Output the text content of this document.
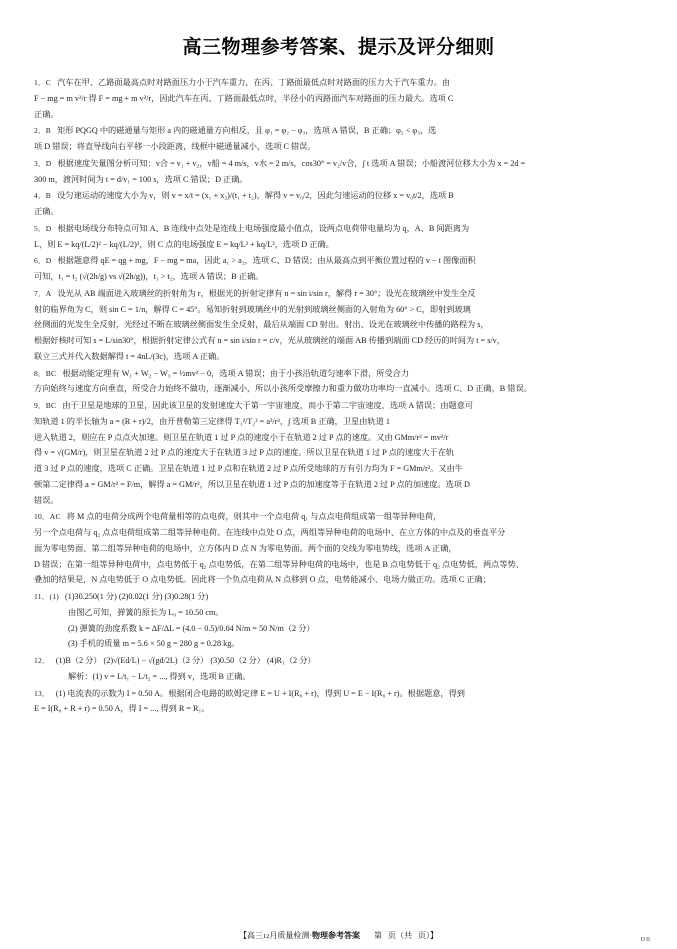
高三物理参考答案、提示及评分细则
1．C 汽车在甲、乙路面最高点时对路面压力小于汽车重力，在丙、丁路面最低点时对路面的压力大于汽车重力。由
F − mg = m v²/r 得 F = mg + m v²/r，因此汽车在丙、丁路面最低点时，半径小的丙路面汽车对路面的压力最大。选项 C
正确。
2．B 矩形 PQGQ 中的磁通量与矩形 a 内的磁通量方向相反，且 φ₁ = φ₂ − φ₃，选项 A 错误，B 正确；φ₂ < φ₃，选
项 D 错误；将直导线向右平移一小段距离，线框中磁通量减小，选项 C 错误。
3．D 根据速度矢量图分析可知：v合 = v₁ + v₂，v船 = 4 m/s，v水 = 2 m/s，cos30° = v₂/v合，∫ t 选项 A 错误；小船渡河位移大小为 x = 2d =
300 m，渡河时间为 t = d/v₁ = 100 s，选项 C 错误；D 正确。
4．B 设匀速运动的速度大小为 v，则 v = x/t = (x₁ + x₂)/(t₁ + t₂)，解得 v = v₀/2，因此匀速运动的位移 x = v₀t/2，选项 B
正确。
5．D 根据电场线分布特点可知 A、B 连线中点处是连线上电场强度最小值点，设两点电荷带电量均为 q，A、B 间距离为
L，则 E = kq/(L/2)² − kq/(L/2)²，则 C 点的电场强度 E = kq/L² + kq/L²，选项 D 正确。
6．D 根据题意得 qE = qg + mg，F − mg = ma，因此 a₁ > a₂，选项 C、D 错误；由从最高点到平衡位置过程的 v − t 图像面积
可知，t₁ = t₂ (√(2h/g) vs √(2h/g))，t₁ > t₂，选项 A 错误；B 正确。
7．A 设光从 AB 端面进入玻璃丝的折射角为 r，根据光的折射定律有 n = sin i/sin r，解得 r = 30°；设光在玻璃丝中发生全反
射的临界角为 C，则 sin C = 1/n，解得 C = 45°。易知折射到玻璃丝中的光射到玻璃丝侧面的入射角为 60° > C，即射到玻璃
丝侧面的光发生全反射，光经过不断在玻璃丝侧面发生全反射，最后从端面 CD 射出。射出、设光在玻璃丝中传播的路程为 s，
根据好核时可知 s = L/sin30°，根据折射定律公式有 n = sin i/sin r = c/v，光从玻璃丝的端面 AB 传播到端面 CD 经历的时间为 t = s/v，
联立三式并代入数据解得 t = 4nL/(3c)，选项 A 正确。
8．BC 根据动能定理有 W₁ + W₂ − W₃ = ½mv² − 0，选项 A 错误；由于小孩沿轨道匀速率下滑，所受合力
方向始终与速度方向垂直，所受合力始终不做功，逐渐减小，所以小孩所受摩擦力和重力做功功率均一直减小。选项 C、D 正确，B 错误。
9．BC 由于卫星是地球的卫星，因此该卫星的发射速度大于第一宇宙速度，而小于第二宇宙速度，选项 A 错误；由题意可
知轨道 1 的半长轴为 a = (R + r)/2，由开普勒第三定律得 T₁²/T₂² = a³/r³，∫ 选项 B 正确，卫星由轨道 1
进入轨道 2，则应在 P 点点火加速。则卫星在轨道 1 过 P 点的速度小于在轨道 2 过 P 点的速度。又由 GMm/r² = mv²/r
得 v = √(GM/r)，则卫星在轨道 2 过 P 点的速度大于在轨道 3 过 P 点的速度。所以卫星在轨道 1 过 P 点的速度大于在轨
道 3 过 P 点的速度，选项 C 正确。卫星在轨道 1 过 P 点和在轨道 2 过 P 点所受地球的万有引力均为 F = GMm/r²。又由牛
顿第二定律得 a = GM/r² = F/m，解得 a = GM/r²，所以卫星在轨道 1 过 P 点的加速度等于在轨道 2 过 P 点的加速度。选项 D
错误。
10．AC 将 M 点的电荷分成两个电荷量相等的点电荷，则其中一个点电荷 q₁ 与点点电荷组成第一组等异种电荷，
另一个点电荷与 q₂ 点点电荷组成第二组等异种电荷。在连线中点处 O 点，两组等异种电荷的电场中、在立方体的中点及的垂直平分
面为零电势面、第二组等异种电荷的电场中，立方体内 D 点 N 为零电势面。两个面的交线为零电势线，选项 A 正确，
D 错误；在第一组等异种电荷中，点电势低于 q₂ 点电势低，在第二组等异种电荷的电场中，也是 B 点电势低于 q₂ 点电势低，两点等势、
叠加的结果是，N 点电势低于 O 点电势低。因此将一个负点电荷从 N 点移到 O 点，电势能减小、电场力做正功。选项 C 正确；
11．(1) (1)30.250(1 分) (2)0.02(1 分) (3)0.28(1 分)
由图乙可知，弹簧的原长为 L₀ = 10.50 cm。
(2) 弹簧的劲度系数 k = ΔF/ΔL = (4.0 − 0.5)/0.04 N/m = 50 N/m（2 分）
(3) 手机的质量 m = 5.6 × 50 g = 280 g = 0.28 kg。
12． (1)B（2 分） (2)√(Ed/L) − √(gd/2L)（2 分） (3)0.50（2 分） (4)R₁（2 分）
解析：(1) v = L/t₁ − L/t₂ = ..., 得到 v，选项 B 正确。
13． (1) 电流表的示数为 I = 0.50 A。根据闭合电路的欧姆定律 E = U + I(R₀ + r)，得到 U = E − I(R₀ + r)。根据题意，得到
E = I(R₀ + R + r) = 0.50 A，得 I = ..., 得到 R = R₁。
【高三12月质量检测·物理参考答案 第 页（共 页）】	DB
